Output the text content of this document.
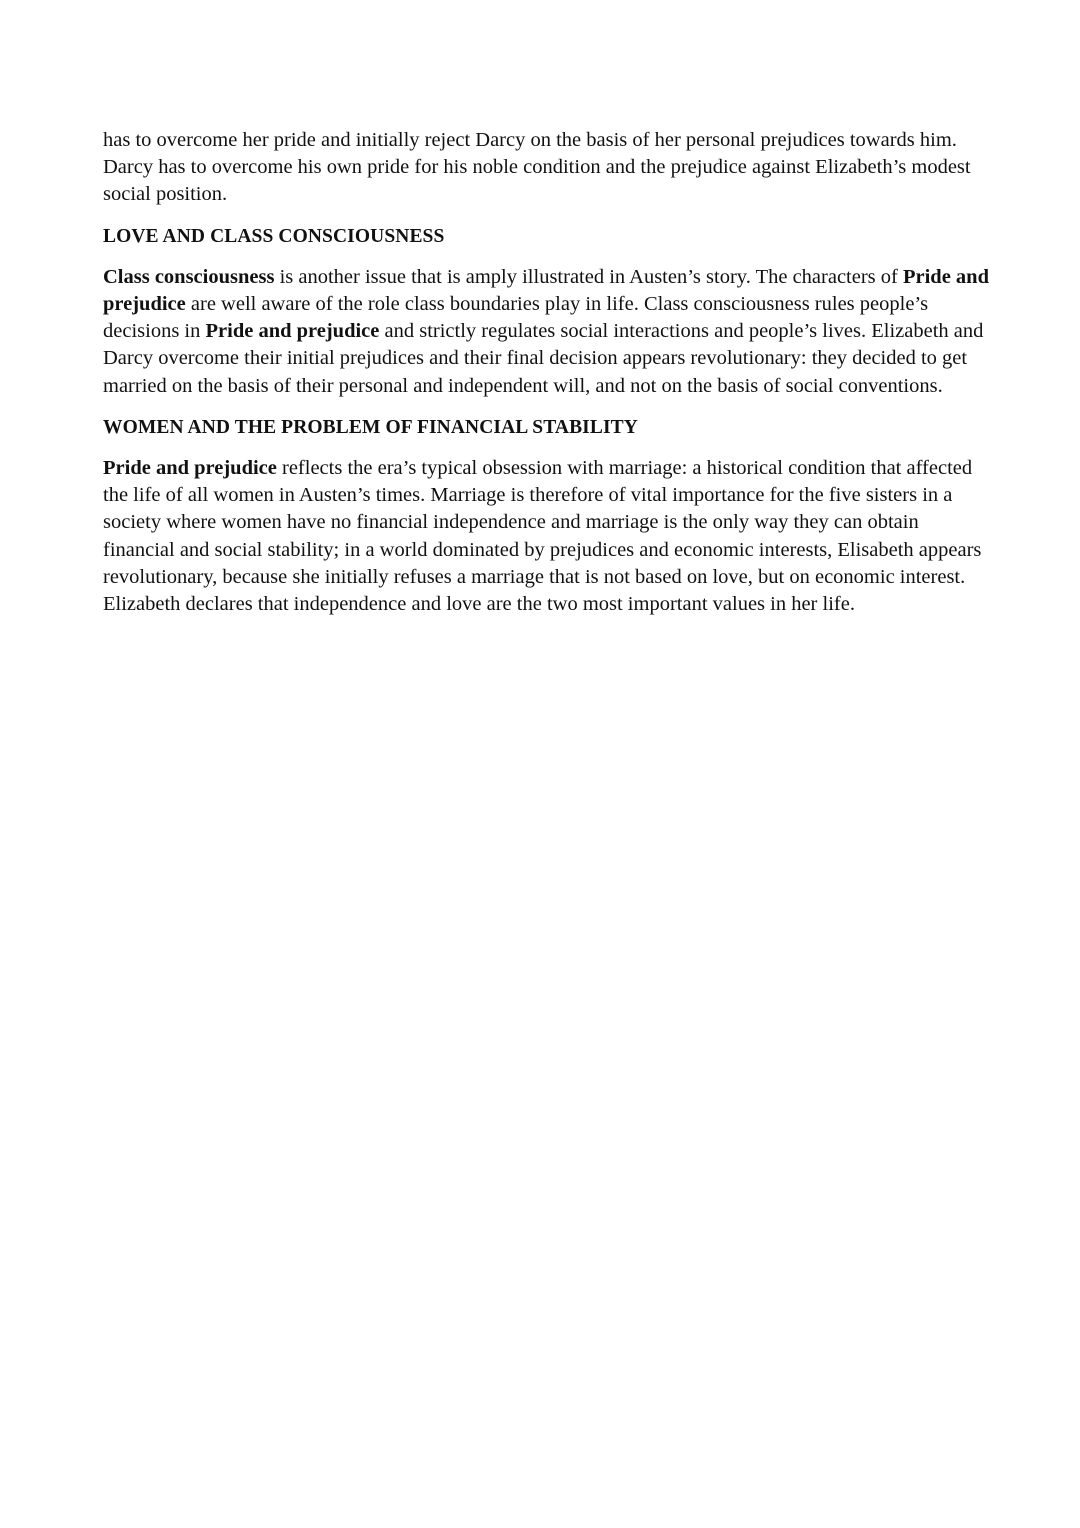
has to overcome her pride and initially reject Darcy on the basis of her personal prejudices towards him. Darcy has to overcome his own pride for his noble condition and the prejudice against Elizabeth’s modest social position.

LOVE AND CLASS CONSCIOUSNESS

Class consciousness is another issue that is amply illustrated in Austen’s story. The characters of Pride and prejudice are well aware of the role class boundaries play in life. Class consciousness rules people’s decisions in Pride and prejudice and strictly regulates social interactions and people’s lives. Elizabeth and Darcy overcome their initial prejudices and their final decision appears revolutionary: they decided to get married on the basis of their personal and independent will, and not on the basis of social conventions.

WOMEN AND THE PROBLEM OF FINANCIAL STABILITY

Pride and prejudice reflects the era’s typical obsession with marriage: a historical condition that affected the life of all women in Austen’s times. Marriage is therefore of vital importance for the five sisters in a society where women have no financial independence and marriage is the only way they can obtain financial and social stability; in a world dominated by prejudices and economic interests, Elisabeth appears revolutionary, because she initially refuses a marriage that is not based on love, but on economic interest. Elizabeth declares that independence and love are the two most important values in her life.
